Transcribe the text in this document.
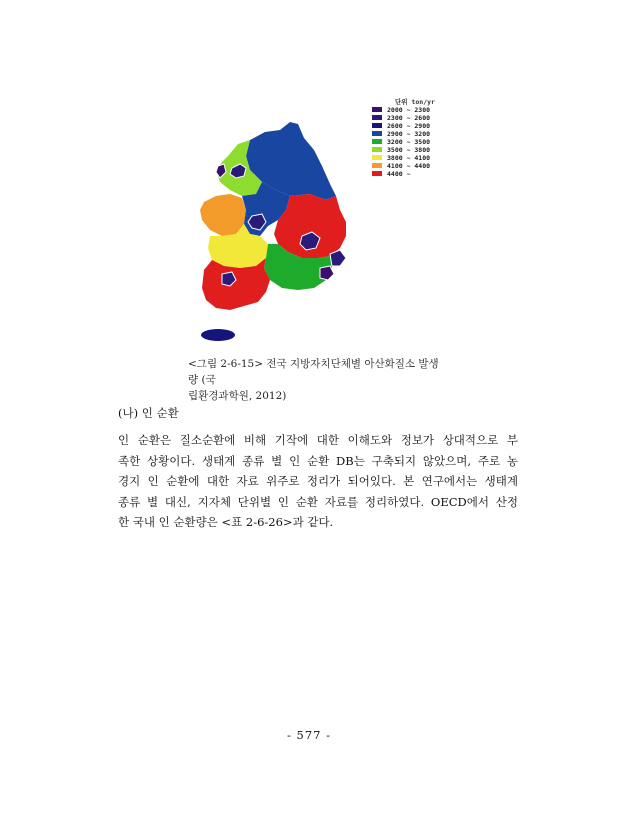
단위 ton/yr
2000 ~ 2300
2300 ~ 2600
2600 ~ 2900
2900 ~ 3200
3200 ~ 3500
3500 ~ 3800
3800 ~ 4100
4100 ~ 4400
4400 ~
<그림 2-6-15> 전국 지방자치단체별 아산화질소 발생량 (국
립환경과학원, 2012)
(나) 인 순환
인 순환은 질소순환에 비해 기작에 대한 이해도와 정보가 상대적으로 부
족한 상황이다. 생태계 종류 별 인 순환 DB는 구축되지 않았으며, 주로 농
경지 인 순환에 대한 자료 위주로 정리가 되어있다. 본 연구에서는 생태계
종류 별 대신, 지자체 단위별 인 순환 자료를 정리하였다. OECD에서 산정
한 국내 인 순환량은 <표 2-6-26>과 같다.
- 577 -
